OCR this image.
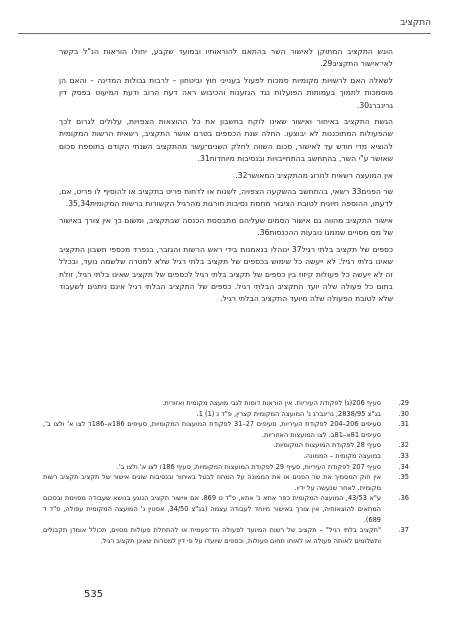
התקציב

הונש התקציב המתוקן לאישור השר בהתאם להוראותיו ובמועד שקבע, יחולו הוראות הנ"ל בקשר לאי־אישור התקציב29.

לשאלה האם לרשויות מקומיות סמכות לפעול בענייני חוץ וביטחון – לרבות גבולות המדינה – והאם הן מוסמכות לתמוך בעמותות הפועלות נגד הגזענות והכיבוש ראה דעת הרוב ודעת המיעוט בפסק דין גרינברג30.

הגשת התקציב באיחור ואישור שאינו לוקח בחשבון את כל ההוצאות הצפויות, עלולים לגרום לכך שהפעולות המתוכננות לא יבוצעו. החלה שנת הכספים בטרם אושר התקציב, רשאית הרשות המקומית להוציא מדי חודש עד לאישור, סכום השווה לחלק השנים־עשר מהתקציב השנתי הקודם בתוספת סכום שאושר ע"י השר, בהתחשב בהתחייבויות ובנסיבות מיוחדות31.

אין המועצה רשאית לחרוג מהתקציב המאושר32.

שר הפנים33 רשאי, בהתחשב בהשקעה הצפויה, לשנות או לדחות פריט בתקציב או להוסיף לו פריט, אם, לדעתו, ההוספה חיונית לטובת הציבור מחמת נסיבות חורגות מהרגיל הקשורות ברשות המקומית35,34.

אישור התקציב מהווה גם אישור הסמים שעליהם מתבססת הכנסה שבתקציב, ומשום כך אין צורך באישור של מס מסויים שממנו נובעות ההכנסות36.

כספים של תקציב בלתי רגיל37 ינוהלו בנאמנות בידי ראש הרשות והגזבר, בנפרד מכספי חשבון התקציב שאינו בלתי רגיל. לא ייעשה כל שימוש בכספים של תקציב בלתי רגיל שלא למטרה שלשמה נועד, ובכלל זה לא ייעשה כל פעולות קיזוז בין כספים של תקציב בלתי רגיל לכספים של תקציב שאינו בלתי רגיל, זולת בתום כל פעולה שלה יועד התקציב הבלתי רגיל. כספים של התקציב הבלתי רגיל אינם ניתנים לשעבוד שלא לטובת הפעולה שלה מיועד התקציב הבלתי רגיל.

29.
סעיף 206(ג) לפקודת העיריות. אין הוראות דומות לגבי מועצה מקומית ואזורית.
30.
בג"צ 2838/95, גרינברג נ' המועצה המקומית קצרין, פ"ד נ (1) 1.
31.
סעיפים 206–204 לפקודת העיריות, סעיפים 27–31 לפקודת המועצות המקומיות, סעיפים 186א–186ד לצו א' ולצו ב', סעיפים 81א–81ב. לצו המועצות האזוריות.
32.
סעיף 28 לפקודת המועצות המקומיות.
33.
במועצה מקומית – הממונה.
34.
סעיף 207 לפקודת העיריות, סעיף 29 לפקודת המועצות המקומיות, סעיף 186ז לצו א' ולצו ב'.
35.
אין חוק המסמיך את שר הפנים או את הממונה על המחוז לבטל באיחור ובנסיבות שונים אישור של תקציב תקציב רשות מקומית. לאחר שנעשה על ידיו.
36.
ע"א 43/53, המועצה המקומית כפר אתא נ' אתא, פ"ד ט 869. אם אישור תקציב הנוגע בנושא שעבודה מסוימת ובסכום המתאים להוצאותיה, אין צורך באישור מיוחד לעבודה עצמה (בג"צ 34/50, אסטין נ' המועצה המקומית עפולה, פ"ד ד 689).
37.
"תקציב בלתי רגיל" – תקציב של רשות המיועד לפעולה חד־פעמית או להתחלת פעולות מסוים, תכולל אומדן תקבולים ותשלומים לאותה פעולה או לאותו תחום פעולות, וכספים שיועדו על פי דין למטרות שאינן תקציב רגיל.
535
